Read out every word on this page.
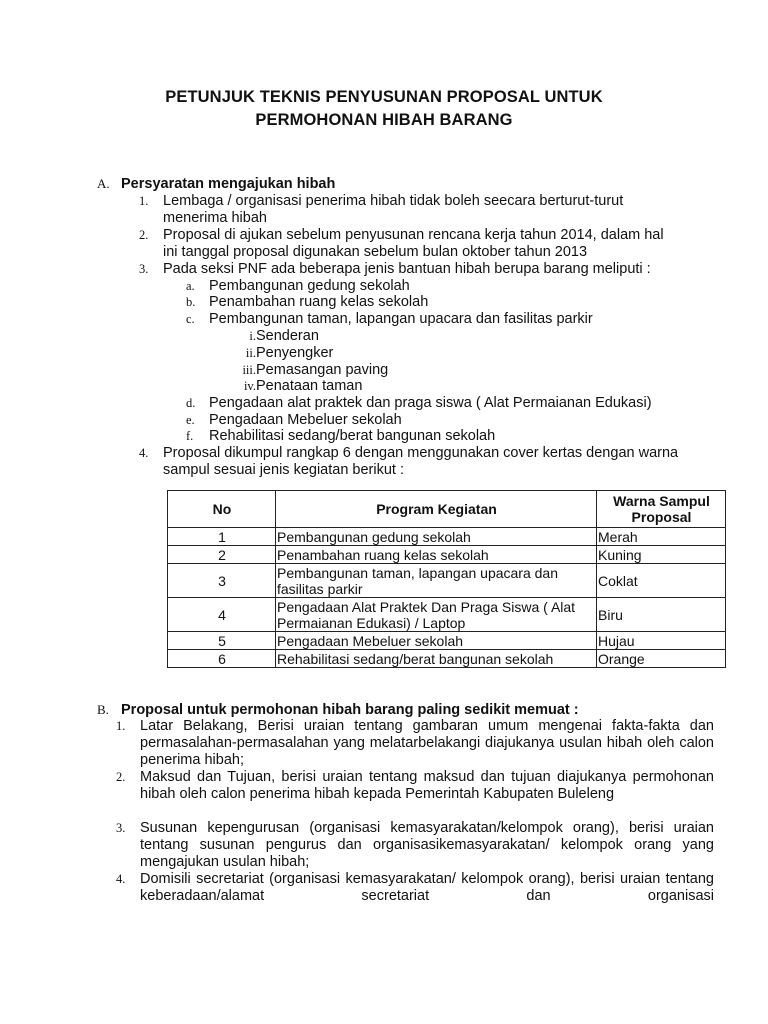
PETUNJUK TEKNIS PENYUSUNAN PROPOSAL UNTUK
PERMOHONAN HIBAH BARANG
A. Persyaratan mengajukan hibah
1.	Lembaga / organisasi penerima hibah tidak boleh seecara berturut-turut menerima hibah
2.	Proposal di ajukan sebelum penyusunan rencana kerja tahun 2014, dalam hal ini tanggal proposal digunakan sebelum bulan oktober tahun 2013
3.	Pada seksi PNF ada beberapa jenis bantuan hibah berupa barang meliputi :
a. Pembangunan gedung sekolah
b. Penambahan ruang kelas sekolah
c. Pembangunan taman, lapangan upacara dan fasilitas parkir
i. Senderan
ii. Penyengker
iii. Pemasangan paving
iv. Penataan taman
d. Pengadaan alat praktek dan praga siswa ( Alat Permaianan Edukasi)
e. Pengadaan Mebeluer sekolah
f.	Rehabilitasi sedang/berat bangunan sekolah
4.	Proposal dikumpul rangkap 6 dengan menggunakan cover kertas dengan warna sampul sesuai jenis kegiatan berikut :
No	Program Kegiatan	Warna Sampul Proposal
1	Pembangunan gedung sekolah	Merah
2	Penambahan ruang kelas sekolah	Kuning
3	Pembangunan taman, lapangan upacara dan fasilitas parkir	Coklat
4	Pengadaan Alat Praktek Dan Praga Siswa ( Alat Permaianan Edukasi) / Laptop	Biru
5	Pengadaan Mebeluer sekolah	Hujau
6	Rehabilitasi sedang/berat bangunan sekolah	Orange
B. Proposal untuk permohonan hibah barang paling sedikit memuat :
1.	Latar Belakang, Berisi uraian tentang gambaran umum mengenai fakta-fakta dan permasalahan-permasalahan yang melatarbelakangi diajukanya usulan hibah oleh calon penerima hibah;
2.	Maksud dan Tujuan, berisi uraian tentang maksud dan tujuan diajukanya permohonan hibah oleh calon penerima hibah kepada Pemerintah Kabupaten Buleleng
3.	Susunan kepengurusan (organisasi kemasyarakatan/kelompok orang), berisi uraian tentang susunan pengurus dan organisasikemasyarakatan/ kelompok orang yang mengajukan usulan hibah;
4.	Domisili secretariat (organisasi kemasyarakatan/ kelompok orang), berisi uraian tentang keberadaan/alamat secretariat dan organisasi
